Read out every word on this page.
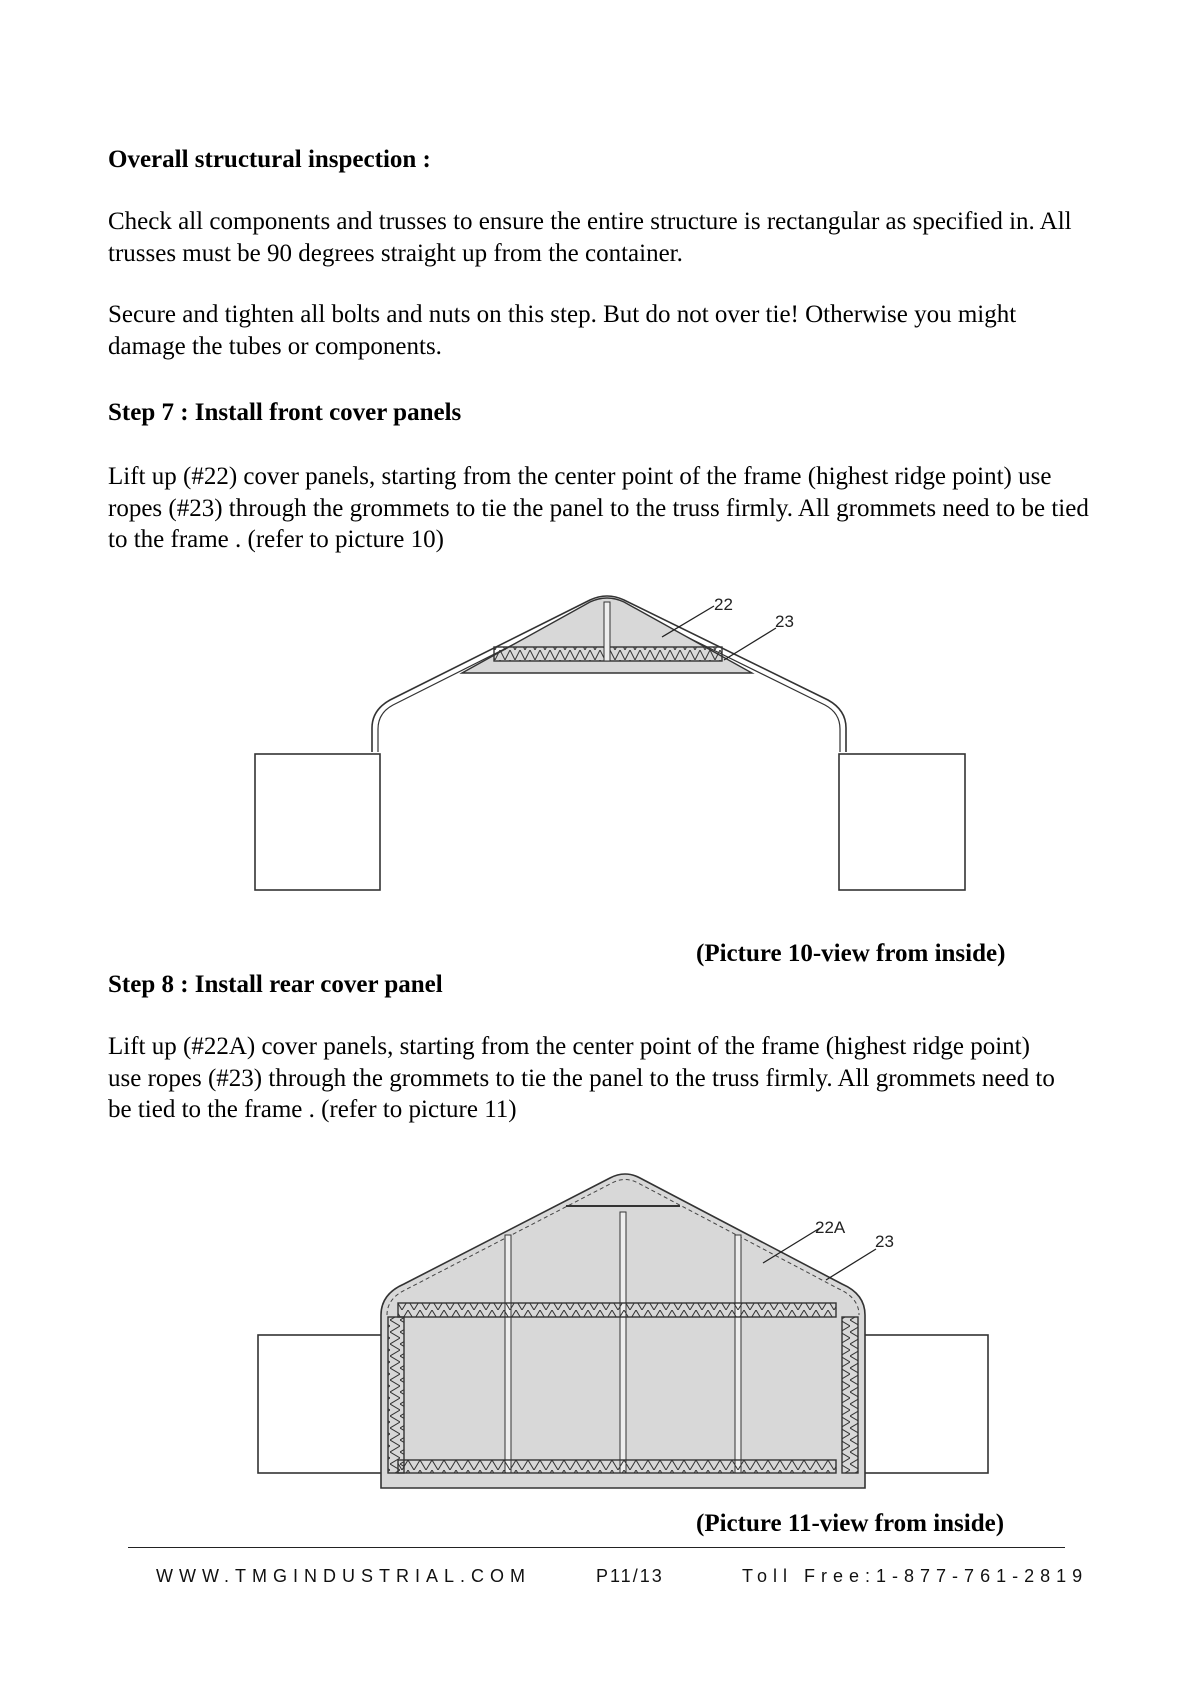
Overall structural inspection :
Check all components and trusses to ensure the entire structure is rectangular as specified in. All trusses must be 90 degrees straight up from the container.
Secure and tighten all bolts and nuts on this step. But do not over tie! Otherwise you might damage the tubes or components.
Step 7 : Install front cover panels
Lift up (#22) cover panels, starting from the center point of the frame (highest ridge point) use ropes (#23) through the grommets to tie the panel to the truss firmly. All grommets need to be tied to the frame . (refer to picture 10)
22
23
(Picture 10-view from inside)
Step 8 : Install rear cover panel
Lift up (#22A) cover panels, starting from the center point of the frame (highest ridge point) use ropes (#23) through the grommets to tie the panel to the truss firmly. All grommets need to be tied to the frame . (refer to picture 11)
22A
23
(Picture 11-view from inside)
WWW.TMGINDUSTRIAL.COM	P11/13	Toll Free:1-877-761-2819
